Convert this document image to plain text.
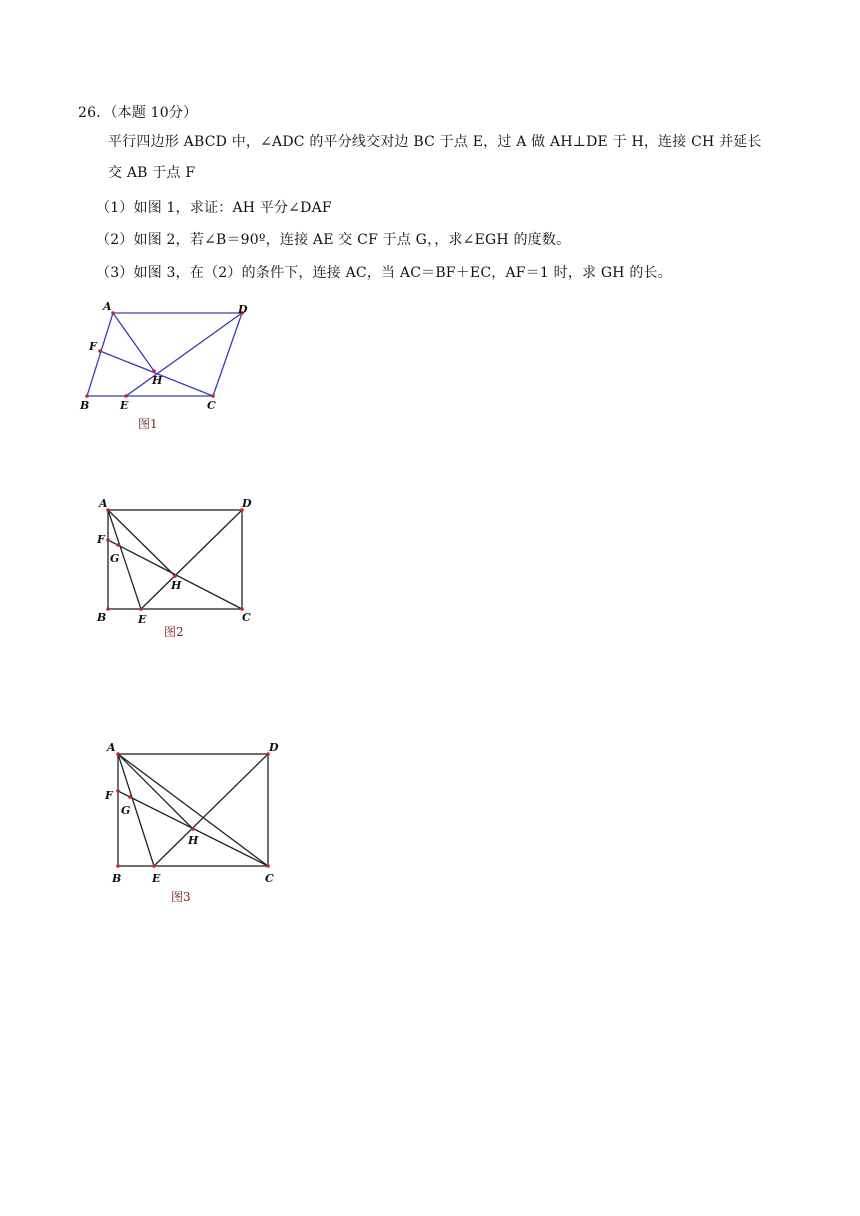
26．（本题 10分）
平行四边形 ABCD 中，∠ADC 的平分线交对边 BC 于点 E，过 A 做 AH⊥DE 于 H，连接 CH 并延长
交 AB 于点 F
（1）如图 1，求证：AH 平分∠DAF
（2）如图 2，若∠B＝90º，连接 AE 交 CF 于点 G，，求∠EGH 的度数。
（3）如图 3，在（2）的条件下，连接 AC，当 AC＝BF＋EC，AF＝1 时，求 GH 的长。
A	D
F
H
B	E	C
图1
A	D
F
G
H
B	E	C
图2
A	D
F
G
H
B	E	C
图3
